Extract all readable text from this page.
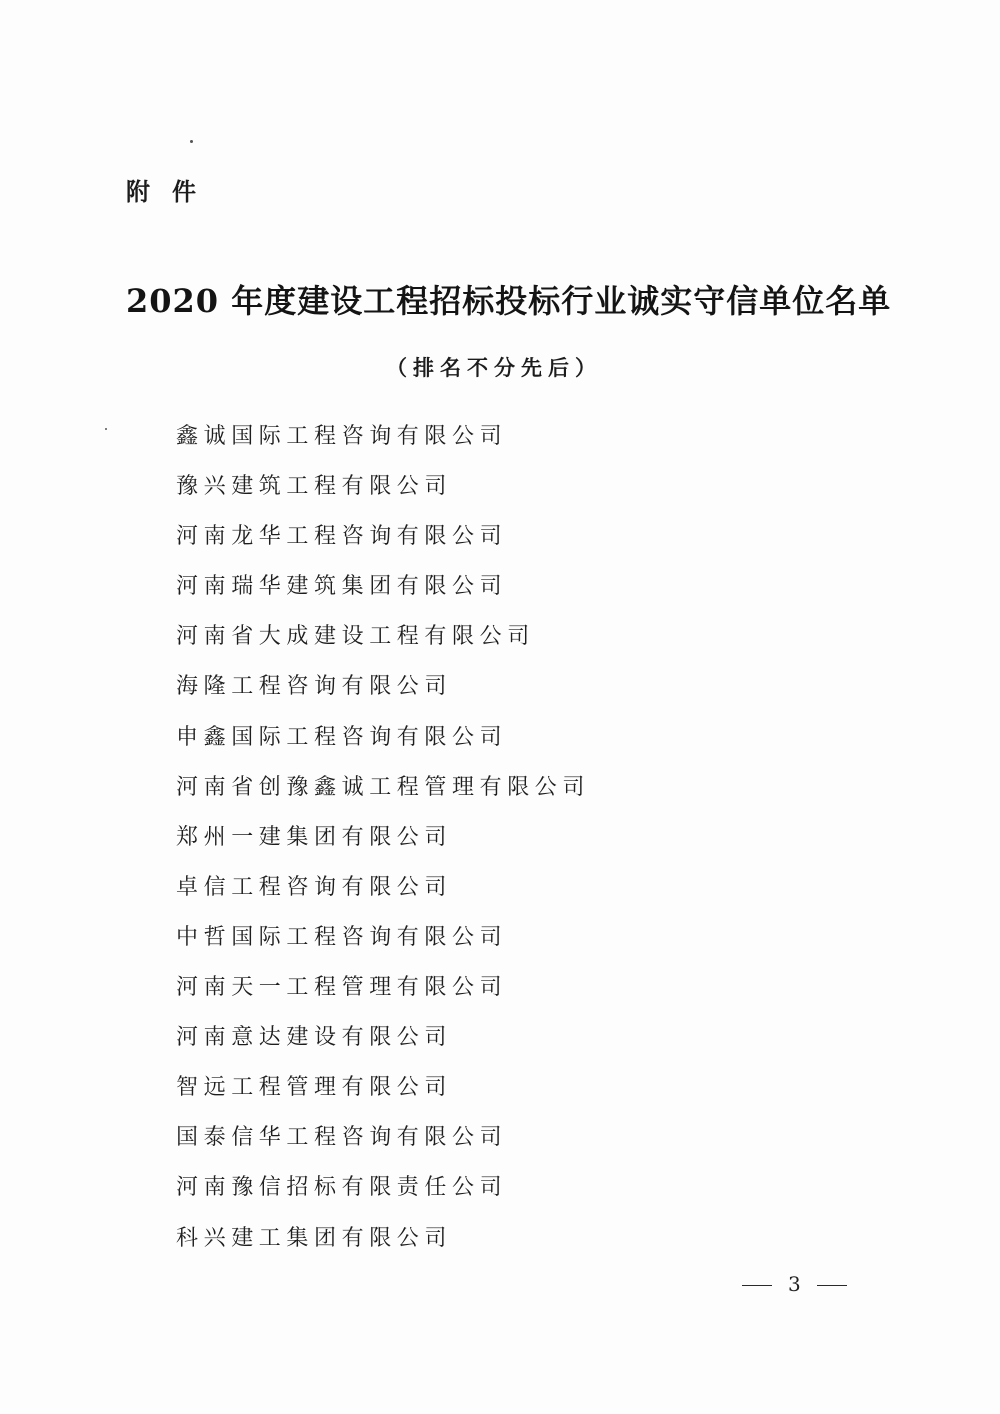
附件
2020 年度建设工程招标投标行业诚实守信单位名单
（排名不分先后）
鑫诚国际工程咨询有限公司
豫兴建筑工程有限公司
河南龙华工程咨询有限公司
河南瑞华建筑集团有限公司
河南省大成建设工程有限公司
海隆工程咨询有限公司
申鑫国际工程咨询有限公司
河南省创豫鑫诚工程管理有限公司
郑州一建集团有限公司
卓信工程咨询有限公司
中哲国际工程咨询有限公司
河南天一工程管理有限公司
河南意达建设有限公司
智远工程管理有限公司
国泰信华工程咨询有限公司
河南豫信招标有限责任公司
科兴建工集团有限公司
3
